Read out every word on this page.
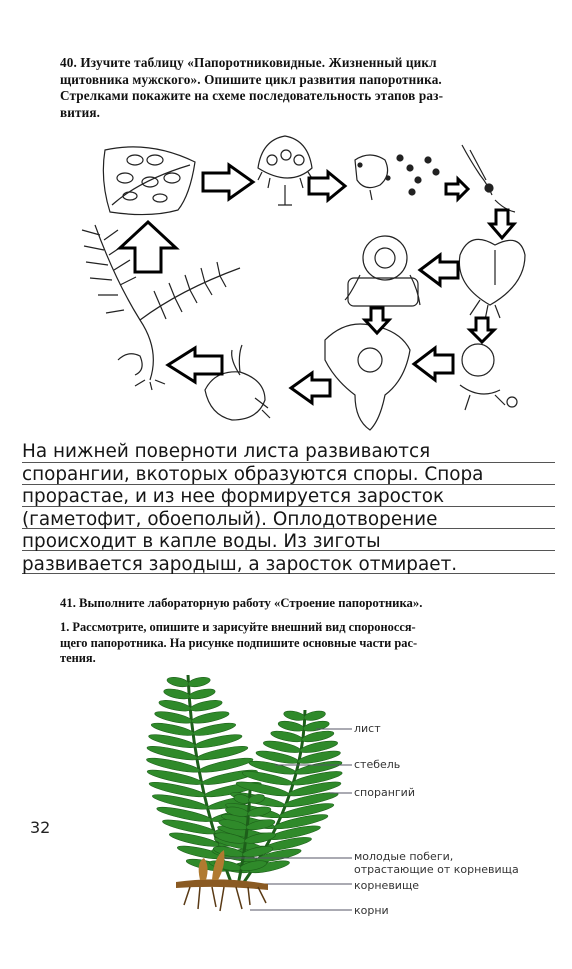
40. Изучите таблицу «Папоротниковидные. Жизненный цикл
щитовника мужского». Опишите цикл развития папоротника.
Стрелками покажите на схеме последовательность этапов раз-
вития.
На нижней поверноти листа развиваются
спорангии, вкоторых образуются споры. Спора
прорастае, и из нее формируется заросток
(гаметофит, обоеполый). Оплодотворение
происходит в капле воды. Из зиготы
развивается зародыш, а заросток отмирает.
41. Выполните лабораторную работу «Строение папоротника».
1. Рассмотрите, опишите и зарисуйте внешний вид спороносся-
щего папоротника. На рисунке подпишите основные части рас-
тения.
лист
стебель
спорангий
молодые побеги,
отрастающие от корневища
корневище
корни
32
